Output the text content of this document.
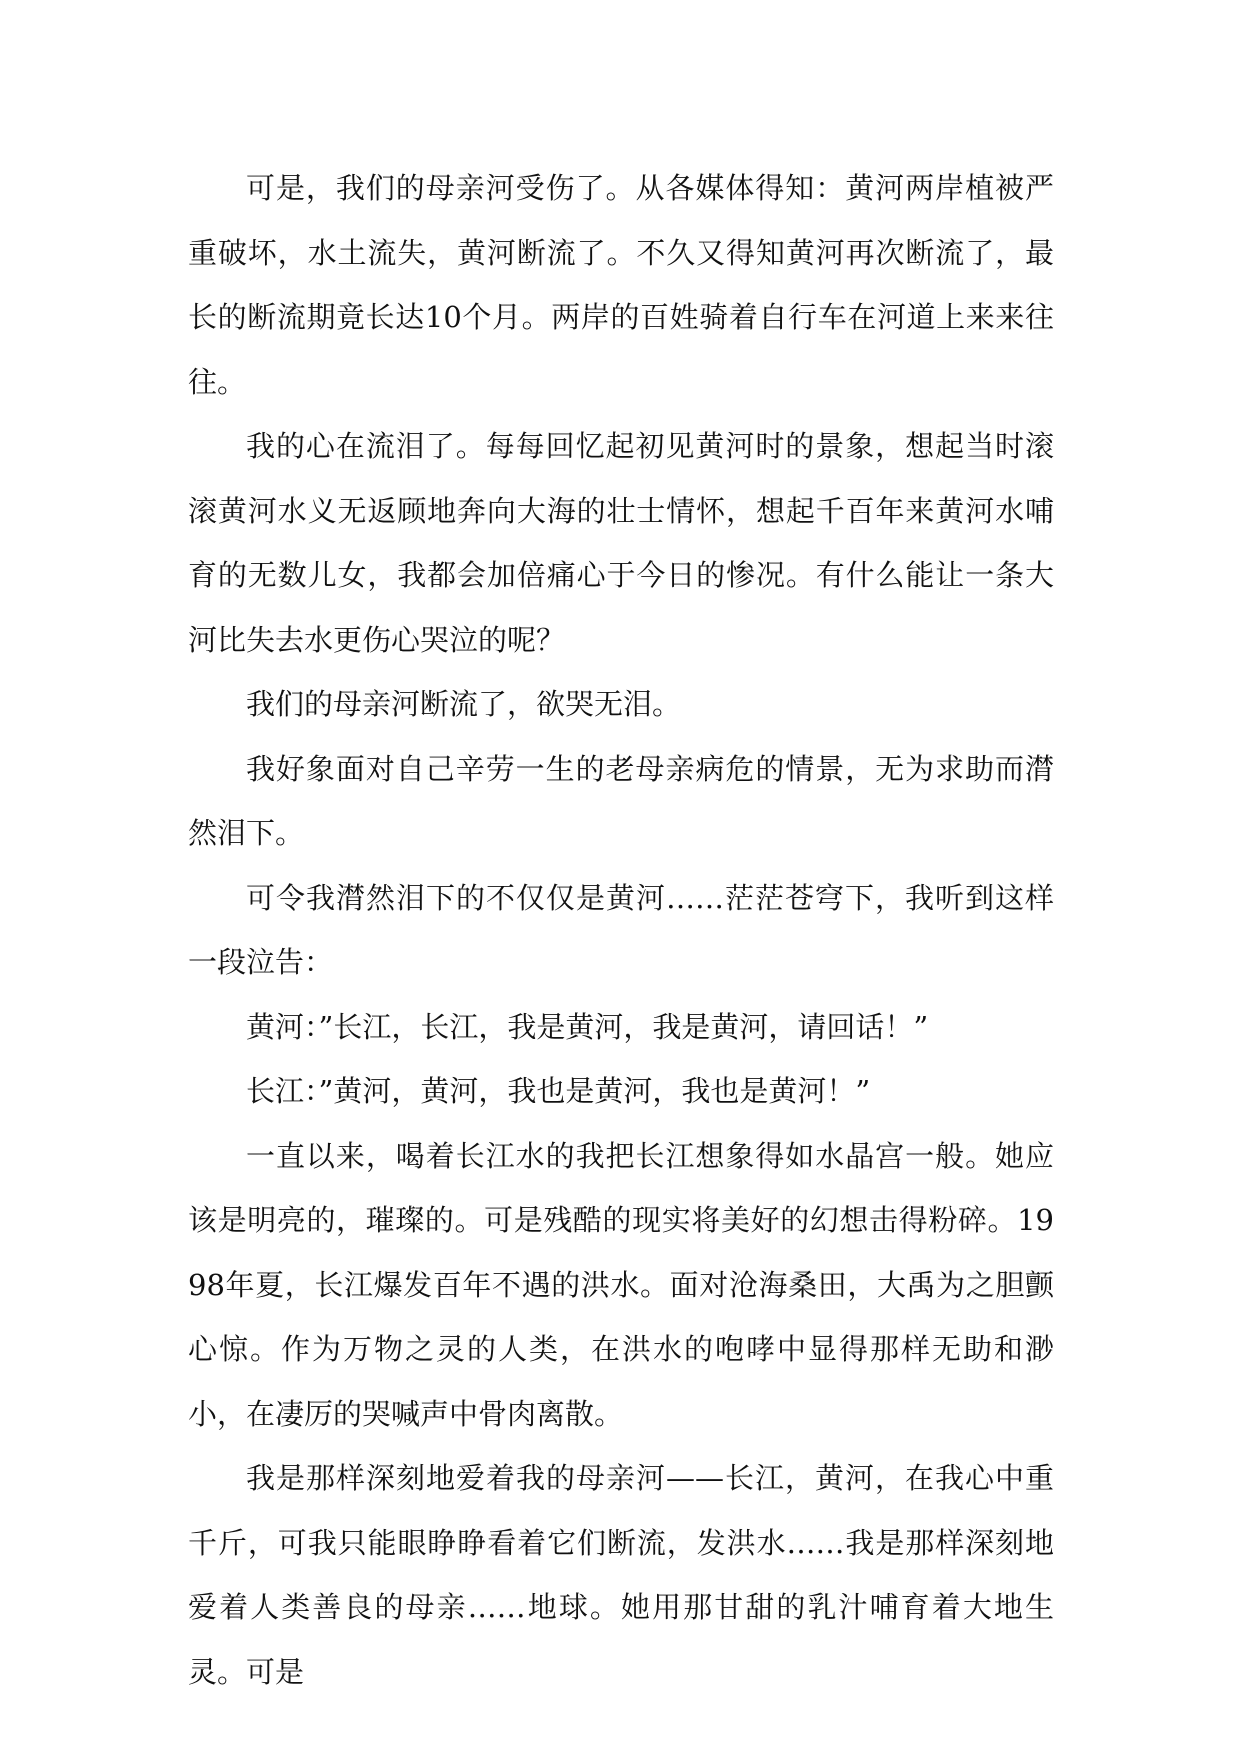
可是，我们的母亲河受伤了。从各媒体得知：黄河两岸植被严重破坏，水土流失，黄河断流了。不久又得知黄河再次断流了，最长的断流期竟长达10个月。两岸的百姓骑着自行车在河道上来来往往。

我的心在流泪了。每每回忆起初见黄河时的景象，想起当时滚滚黄河水义无返顾地奔向大海的壮士情怀，想起千百年来黄河水哺育的无数儿女，我都会加倍痛心于今日的惨况。有什么能让一条大河比失去水更伤心哭泣的呢？

我们的母亲河断流了，欲哭无泪。

我好象面对自己辛劳一生的老母亲病危的情景，无为求助而潸然泪下。

可令我潸然泪下的不仅仅是黄河……茫茫苍穹下，我听到这样一段泣告：

黄河：”长江，长江，我是黄河，我是黄河，请回话！”

长江：”黄河，黄河，我也是黄河，我也是黄河！”

一直以来，喝着长江水的我把长江想象得如水晶宫一般。她应该是明亮的，璀璨的。可是残酷的现实将美好的幻想击得粉碎。1998年夏，长江爆发百年不遇的洪水。面对沧海桑田，大禹为之胆颤心惊。作为万物之灵的人类，在洪水的咆哮中显得那样无助和渺小，在凄厉的哭喊声中骨肉离散。

我是那样深刻地爱着我的母亲河——长江，黄河，在我心中重千斤，可我只能眼睁睁看着它们断流，发洪水……我是那样深刻地爱着人类善良的母亲……地球。她用那甘甜的乳汁哺育着大地生灵。可是
